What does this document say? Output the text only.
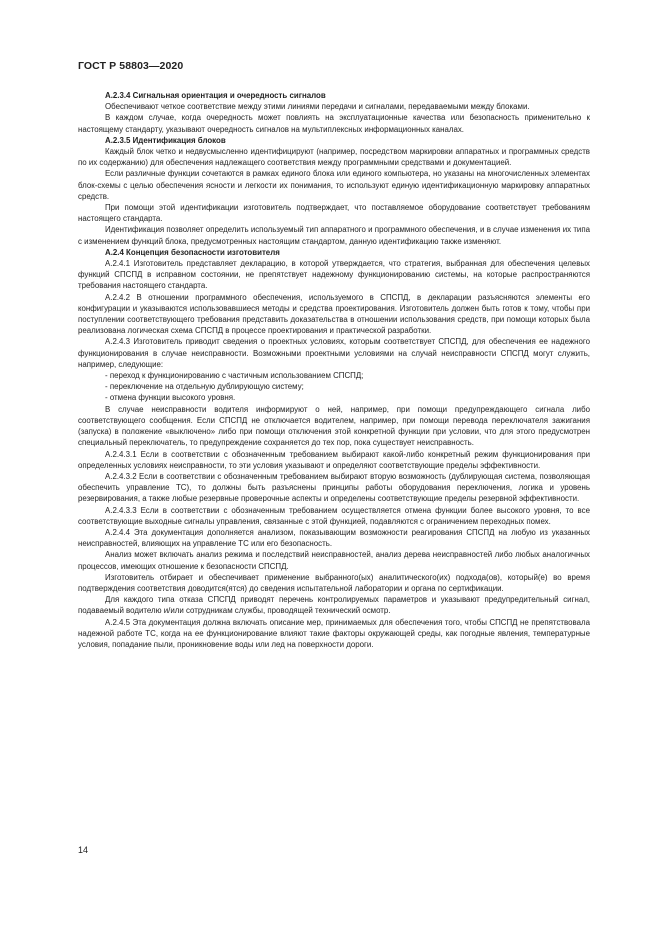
ГОСТ Р 58803—2020

А.2.3.4 Сигнальная ориентация и очередность сигналов

Обеспечивают четкое соответствие между этими линиями передачи и сигналами, передаваемыми между блоками.

В каждом случае, когда очередность может повлиять на эксплуатационные качества или безопасность применительно к настоящему стандарту, указывают очередность сигналов на мультиплексных информационных каналах.

А.2.3.5 Идентификация блоков

Каждый блок четко и недвусмысленно идентифицируют (например, посредством маркировки аппаратных и программных средств по их содержанию) для обеспечения надлежащего соответствия между программными средствами и документацией.

Если различные функции сочетаются в рамках единого блока или единого компьютера, но указаны на многочисленных элементах блок-схемы с целью обеспечения ясности и легкости их понимания, то используют единую идентификационную маркировку аппаратных средств.

При помощи этой идентификации изготовитель подтверждает, что поставляемое оборудование соответствует требованиям настоящего стандарта.

Идентификация позволяет определить используемый тип аппаратного и программного обеспечения, и в случае изменения их типа с изменением функций блока, предусмотренных настоящим стандартом, данную идентификацию также изменяют.

А.2.4 Концепция безопасности изготовителя

А.2.4.1 Изготовитель представляет декларацию, в которой утверждается, что стратегия, выбранная для обеспечения целевых функций СПСПД в исправном состоянии, не препятствует надежному функционированию системы, на которые распространяются требования настоящего стандарта.

А.2.4.2 В отношении программного обеспечения, используемого в СПСПД, в декларации разъясняются элементы его конфигурации и указываются использовавшиеся методы и средства проектирования. Изготовитель должен быть готов к тому, чтобы при поступлении соответствующего требования представить доказательства в отношении использования средств, при помощи которых была реализована логическая схема СПСПД в процессе проектирования и практической разработки.

А.2.4.3 Изготовитель приводит сведения о проектных условиях, которым соответствует СПСПД, для обеспечения ее надежного функционирования в случае неисправности. Возможными проектными условиями на случай неисправности СПСПД могут служить, например, следующие:

- переход к функционированию с частичным использованием СПСПД;

- переключение на отдельную дублирующую систему;

- отмена функции высокого уровня.

В случае неисправности водителя информируют о ней, например, при помощи предупреждающего сигнала либо соответствующего сообщения. Если СПСПД не отключается водителем, например, при помощи перевода переключателя зажигания (запуска) в положение «выключено» либо при помощи отключения этой конкретной функции при условии, что для этого предусмотрен специальный переключатель, то предупреждение сохраняется до тех пор, пока существует неисправность.

А.2.4.3.1 Если в соответствии с обозначенным требованием выбирают какой-либо конкретный режим функционирования при определенных условиях неисправности, то эти условия указывают и определяют соответствующие пределы эффективности.

А.2.4.3.2 Если в соответствии с обозначенным требованием выбирают вторую возможность (дублирующая система, позволяющая обеспечить управление ТС), то должны быть разъяснены принципы работы оборудования переключения, логика и уровень резервирования, а также любые резервные проверочные аспекты и определены соответствующие пределы резервной эффективности.

А.2.4.3.3 Если в соответствии с обозначенным требованием осуществляется отмена функции более высокого уровня, то все соответствующие выходные сигналы управления, связанные с этой функцией, подавляются с ограничением переходных помех.

А.2.4.4 Эта документация дополняется анализом, показывающим возможности реагирования СПСПД на любую из указанных неисправностей, влияющих на управление ТС или его безопасность.

Анализ может включать анализ режима и последствий неисправностей, анализ дерева неисправностей либо любых аналогичных процессов, имеющих отношение к безопасности СПСПД.

Изготовитель отбирает и обеспечивает применение выбранного(ых) аналитического(их) подхода(ов), который(е) во время подтверждения соответствия доводится(ятся) до сведения испытательной лаборатории и органа по сертификации.

Для каждого типа отказа СПСПД приводят перечень контролируемых параметров и указывают предупредительный сигнал, подаваемый водителю и/или сотрудникам службы, проводящей технический осмотр.

А.2.4.5 Эта документация должна включать описание мер, принимаемых для обеспечения того, чтобы СПСПД не препятствовала надежной работе ТС, когда на ее функционирование влияют такие факторы окружающей среды, как погодные явления, температурные условия, попадание пыли, проникновение воды или лед на поверхности дороги.

14
